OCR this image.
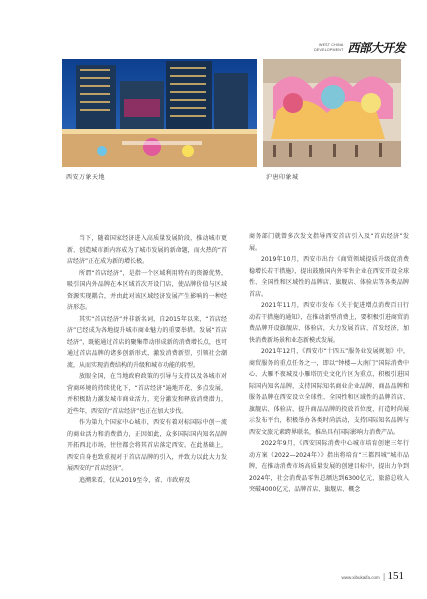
WEST CHINA
DEVELOPMENT 西部大开发
西安万象天地	沪唐印象城

当下，随着国家经济进入高质量发展阶段，推动城市更新、创造城市新内容成为了城市发展的新命题，而火热的“首店经济”正在成为新的增长极。

所谓“首店经济”，是指一个区域利用特有的资源优势，吸引国内外品牌在本区域首次开设门店，使品牌价值与区域资源实现耦合，并由此对该区域经济发展产生影响的一种经济形态。

其实“首店经济”并非新名词，自2015年以来，“首店经济”已经成为各地提升城市商业魅力的重要举措。发展“首店经济”，既能通过首店的聚集带动形成新的消费增长点，也可通过首店品牌的诸多创新形式，激发消费新望，引领社会潮流，从而实现消费结构的升级和城市功能的转型。

放眼全国，在当地政府政策的引导与支持以及各城市对营商环境的持续优化下，“首店经济”遍地开花、多点发展，并积极助力激发城市商业活力，充分激发和释放消费潜力，近些年，西安的“首店经济”也正在加大步伐。

作为第九个国家中心城市，西安有着对标国际中创一流的商业活力和消费潜力，正因如此，众多国际国内知名品牌开拓西北市场，往往都会将其首店落定西安。在此基础上，西安自身也致重视对于首店品牌的引入，并致力以此大力发展西安的“首店经济”。

追溯来看，仅从2019至今，省、市政府及

商务部门就曾多次发文指导西安首店引入及“首店经济”发展。

2019年10月，西安市出台《商贸领域提质升级促消费稳增长若干措施》，提出鼓励国内外零售企业在西安开设全球性、全国性和区域性的品牌店、旗舰店、体验店等各类品牌首店。

2021年11月，西安市发布《关于促进增点消费百日行动若干措施的通知》，在推动新型消费上，要积极引进商贸消费品牌开设旗舰店、体验店，大力发展首店、首发经济，加快消费新场景和业态新模式发展。

2021年12月，《西安市“十四五”服务业发展规划》中，商贸服务的重点任务之一，即以“钟楼—大南门”国际消费中心、大雁不夜城及小雁塔历史文化片区为重点，积极引进国际国内知名品牌，支持国际知名商业企业品牌、商品品牌和服务品牌在西安设立全球性、全国性和区域性的品牌首店、旗舰店、体验店，提升商品品牌的投放首位度，打造时尚展示发布平台，积极举办各类时尚活动，支持国际知名品牌与西安文旅元素跨界联名，推出具有国际影响力消费产品。

2022年9月，《西安国际消费中心城市培育创建三年行动方案（2022—2024年）》指出将培育“三都四城”城市品牌，在推动消费市场高质量发展的创建目标中，提出力争到2024年，社会消费品零售总额达到6300亿元，旅游总收入突破4000亿元，品牌首店、旗舰店、概念

www.xibukaifa.com | 151
